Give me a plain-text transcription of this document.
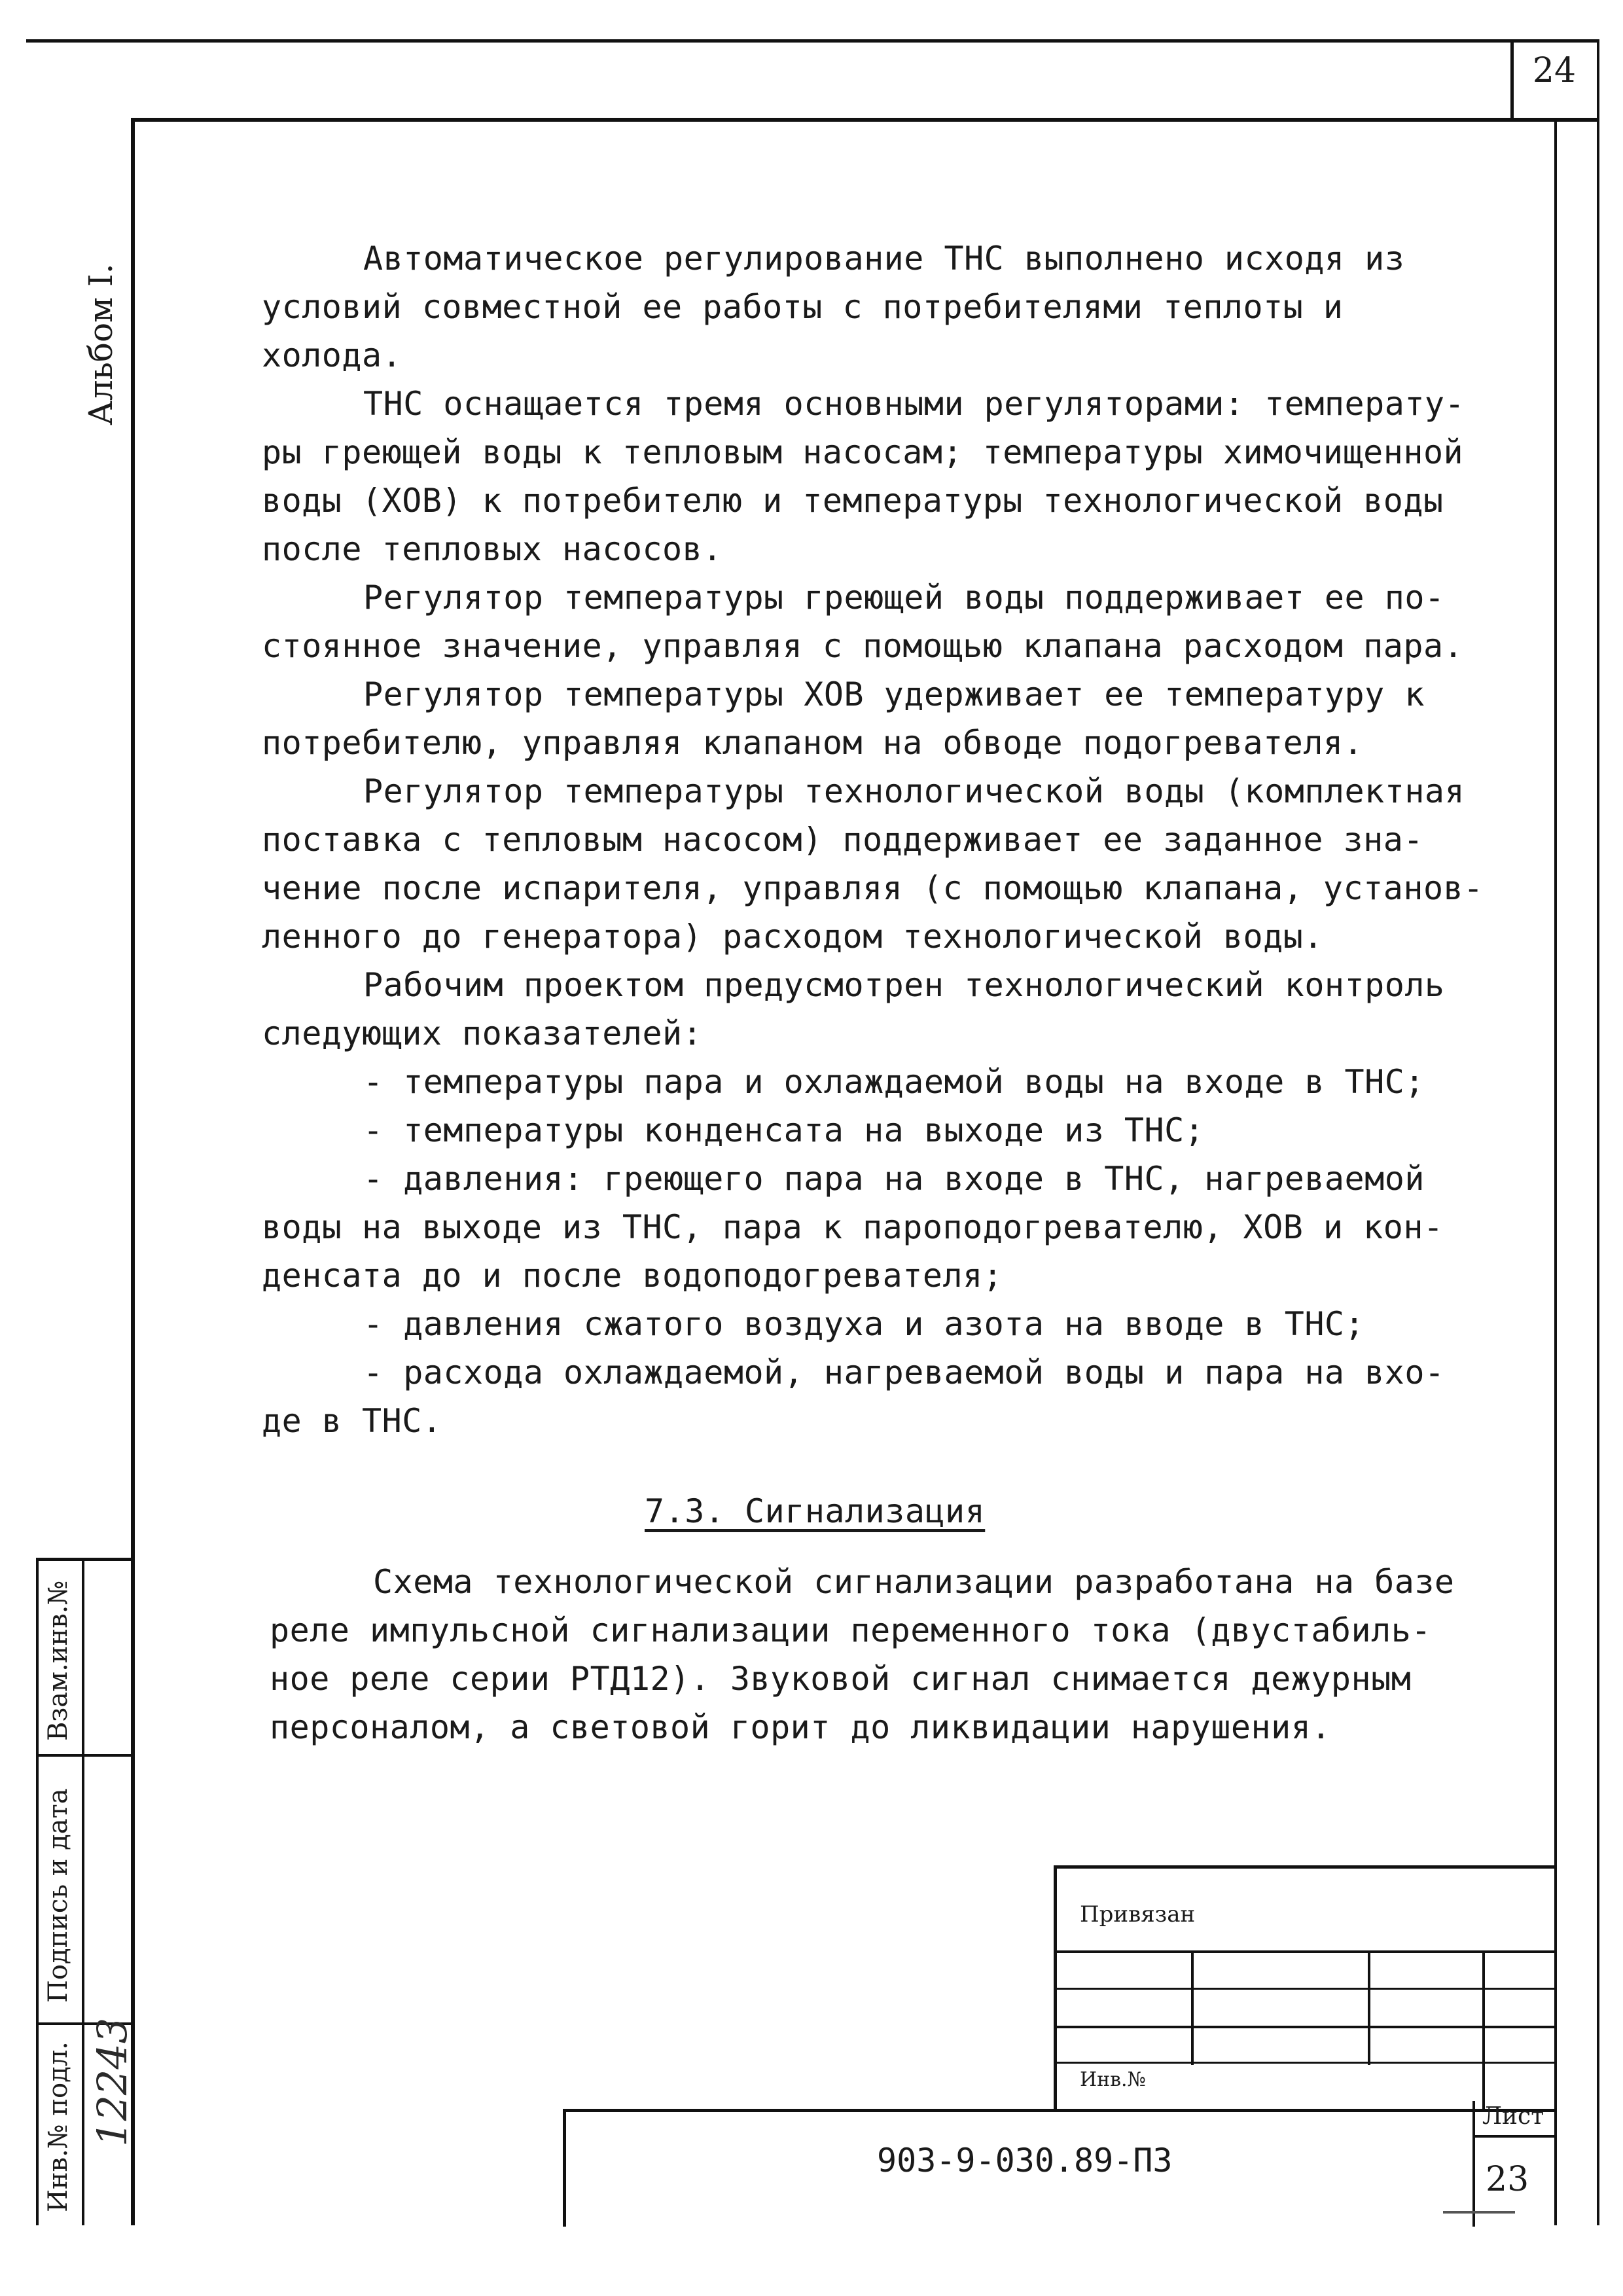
24
Альбом I.
Автоматическое регулирование ТНС выполнено исходя из
условий совместной ее работы с потребителями теплоты и
холода.
ТНС оснащается тремя основными регуляторами: температу-
ры греющей воды к тепловым насосам; температуры химочищенной
воды (ХОВ) к потребителю и температуры технологической воды
после тепловых насосов.
Регулятор температуры греющей воды поддерживает ее по-
стоянное значение, управляя с помощью клапана расходом пара.
Регулятор температуры ХОВ удерживает ее температуру к
потребителю, управляя клапаном на обводе подогревателя.
Регулятор температуры технологической воды (комплектная
поставка с тепловым насосом) поддерживает ее заданное зна-
чение после испарителя, управляя (с помощью клапана, установ-
ленного до генератора) расходом технологической воды.
Рабочим проектом предусмотрен технологический контроль
следующих показателей:
- температуры пара и охлаждаемой воды на входе в ТНС;
- температуры конденсата на выходе из ТНС;
- давления: греющего пара на входе в ТНС, нагреваемой
воды на выходе из ТНС, пара к пароподогревателю, ХОВ и кон-
денсата до и после водоподогревателя;
- давления сжатого воздуха и азота на вводе в ТНС;
- расхода охлаждаемой, нагреваемой воды и пара на вхо-
де в ТНС.
7.3. Сигнализация
Схема технологической сигнализации разработана на базе
реле импульсной сигнализации переменного тока (двустабиль-
ное реле серии РТД12). Звуковой сигнал снимается дежурным
персоналом, а световой горит до ликвидации нарушения.
Взам.инв.№
Подпись и дата
Инв.№ подл. 12243
Привязан
Инв.№
903-9-030.89-ПЗ
Лист
23
